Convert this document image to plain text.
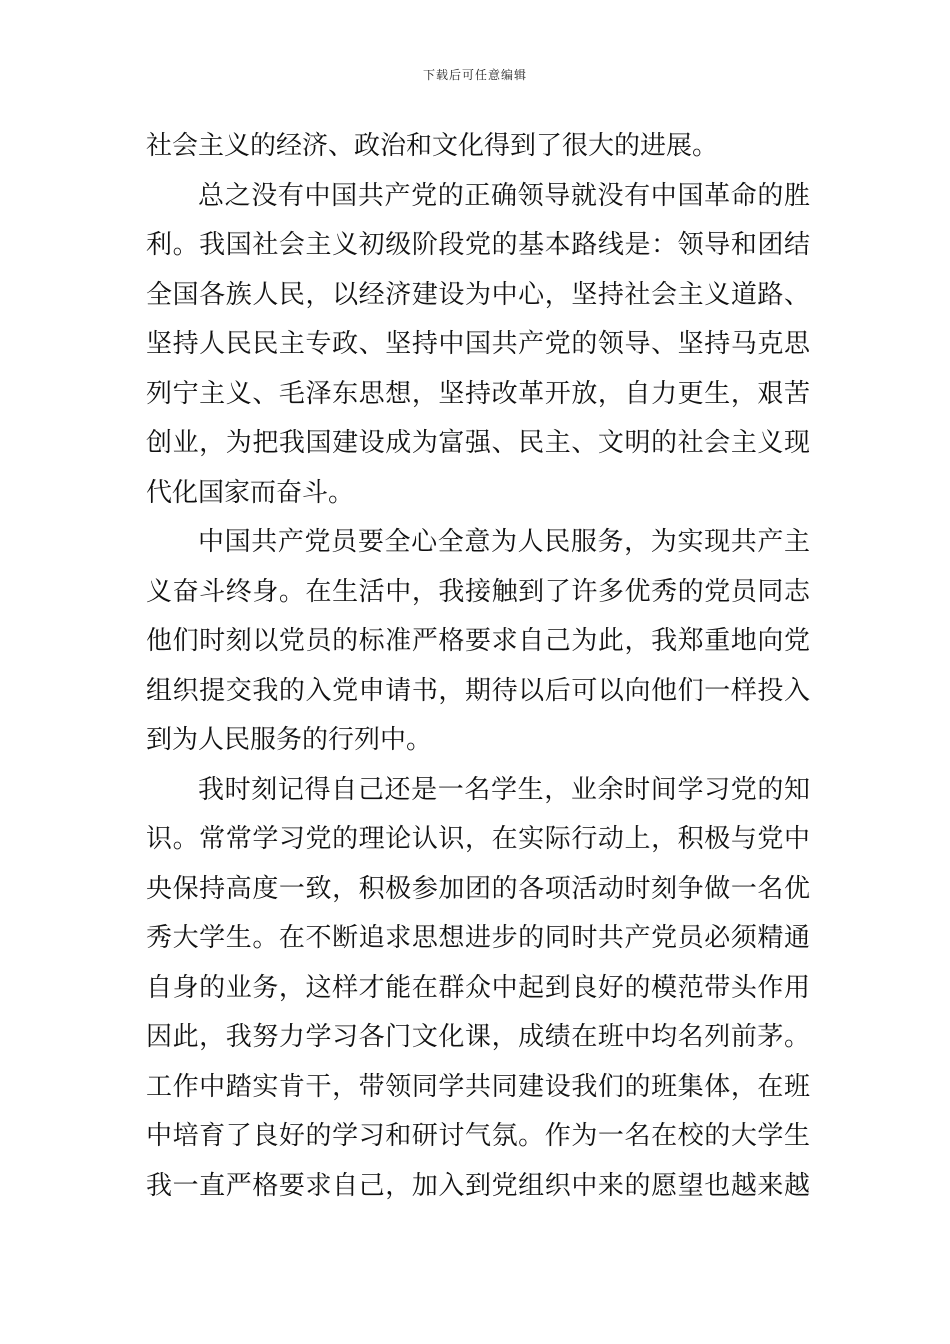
下载后可任意编辑
社会主义的经济、政治和文化得到了很大的进展。
总之没有中国共产党的正确领导就没有中国革命的胜
利。我国社会主义初级阶段党的基本路线是：领导和团结
全国各族人民，以经济建设为中心，坚持社会主义道路、
坚持人民民主专政、坚持中国共产党的领导、坚持马克思
列宁主义、毛泽东思想，坚持改革开放，自力更生，艰苦
创业，为把我国建设成为富强、民主、文明的社会主义现
代化国家而奋斗。
中国共产党员要全心全意为人民服务，为实现共产主
义奋斗终身。在生活中，我接触到了许多优秀的党员同志
他们时刻以党员的标准严格要求自己为此，我郑重地向党
组织提交我的入党申请书，期待以后可以向他们一样投入
到为人民服务的行列中。
我时刻记得自己还是一名学生，业余时间学习党的知
识。常常学习党的理论认识，在实际行动上，积极与党中
央保持高度一致，积极参加团的各项活动时刻争做一名优
秀大学生。在不断追求思想进步的同时共产党员必须精通
自身的业务，这样才能在群众中起到良好的模范带头作用
因此，我努力学习各门文化课，成绩在班中均名列前茅。
工作中踏实肯干，带领同学共同建设我们的班集体，在班
中培育了良好的学习和研讨气氛。作为一名在校的大学生
我一直严格要求自己，加入到党组织中来的愿望也越来越
